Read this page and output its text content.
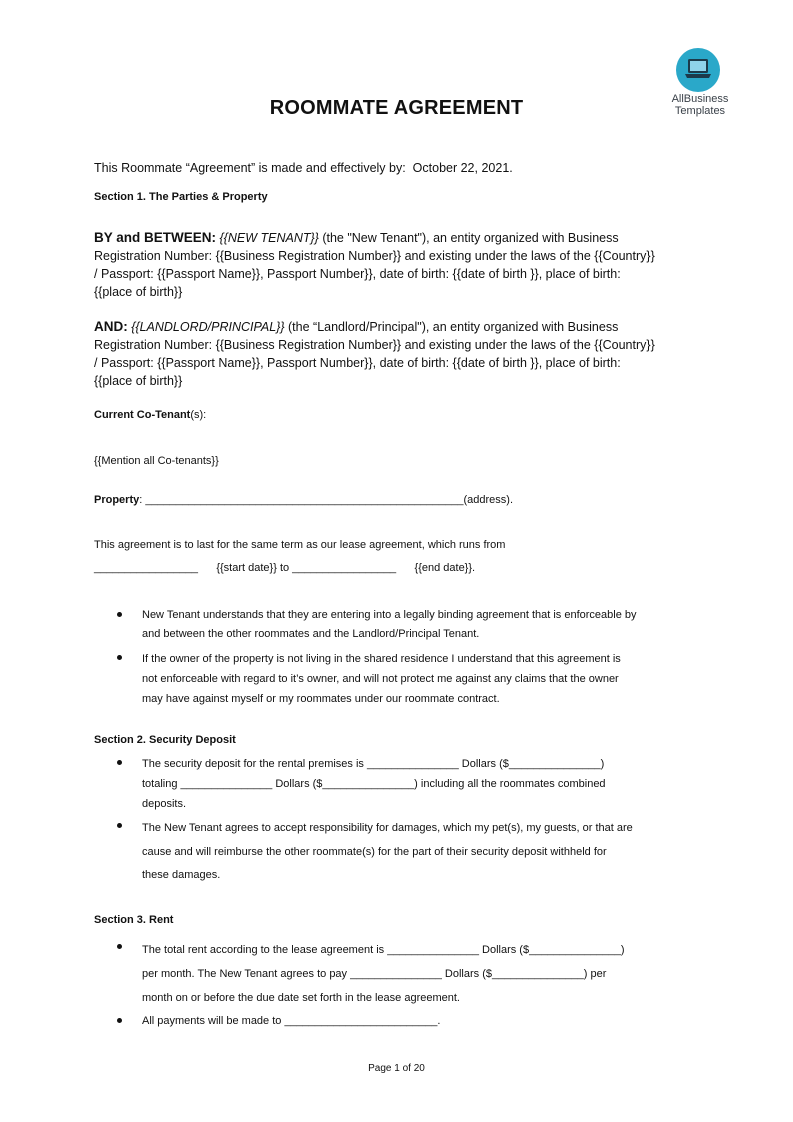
AllBusiness
Templates
ROOMMATE AGREEMENT
This Roommate “Agreement” is made and effectively by: October 22, 2021.
Section 1. The Parties & Property
BY and BETWEEN: {{NEW TENANT}} (the "New Tenant"), an entity organized with Business
Registration Number: {{Business Registration Number}} and existing under the laws of the {{Country}}
/ Passport: {{Passport Name}}, Passport Number}}, date of birth: {{date of birth }}, place of birth:
{{place of birth}}
AND: {{LANDLORD/PRINCIPAL}} (the “Landlord/Principal"), an entity organized with Business
Registration Number: {{Business Registration Number}} and existing under the laws of the {{Country}}
/ Passport: {{Passport Name}}, Passport Number}}, date of birth: {{date of birth }}, place of birth:
{{place of birth}}
Current Co-Tenant(s):
{{Mention all Co-tenants}}
Property: ____________________________________________________(address).
This agreement is to last for the same term as our lease agreement, which runs from
_________________      {{start date}} to _________________      {{end date}}.
New Tenant understands that they are entering into a legally binding agreement that is enforceable by
and between the other roommates and the Landlord/Principal Tenant.
If the owner of the property is not living in the shared residence I understand that this agreement is
not enforceable with regard to it’s owner, and will not protect me against any claims that the owner
may have against myself or my roommates under our roommate contract.
Section 2. Security Deposit
The security deposit for the rental premises is _______________ Dollars ($_______________)
totaling _______________ Dollars ($_______________) including all the roommates combined
deposits.
The New Tenant agrees to accept responsibility for damages, which my pet(s), my guests, or that are
cause and will reimburse the other roommate(s) for the part of their security deposit withheld for
these damages.
Section 3. Rent
The total rent according to the lease agreement is _______________ Dollars ($_______________)
per month. The New Tenant agrees to pay _______________ Dollars ($_______________) per
month on or before the due date set forth in the lease agreement.
All payments will be made to _________________________.
Page 1 of 20
